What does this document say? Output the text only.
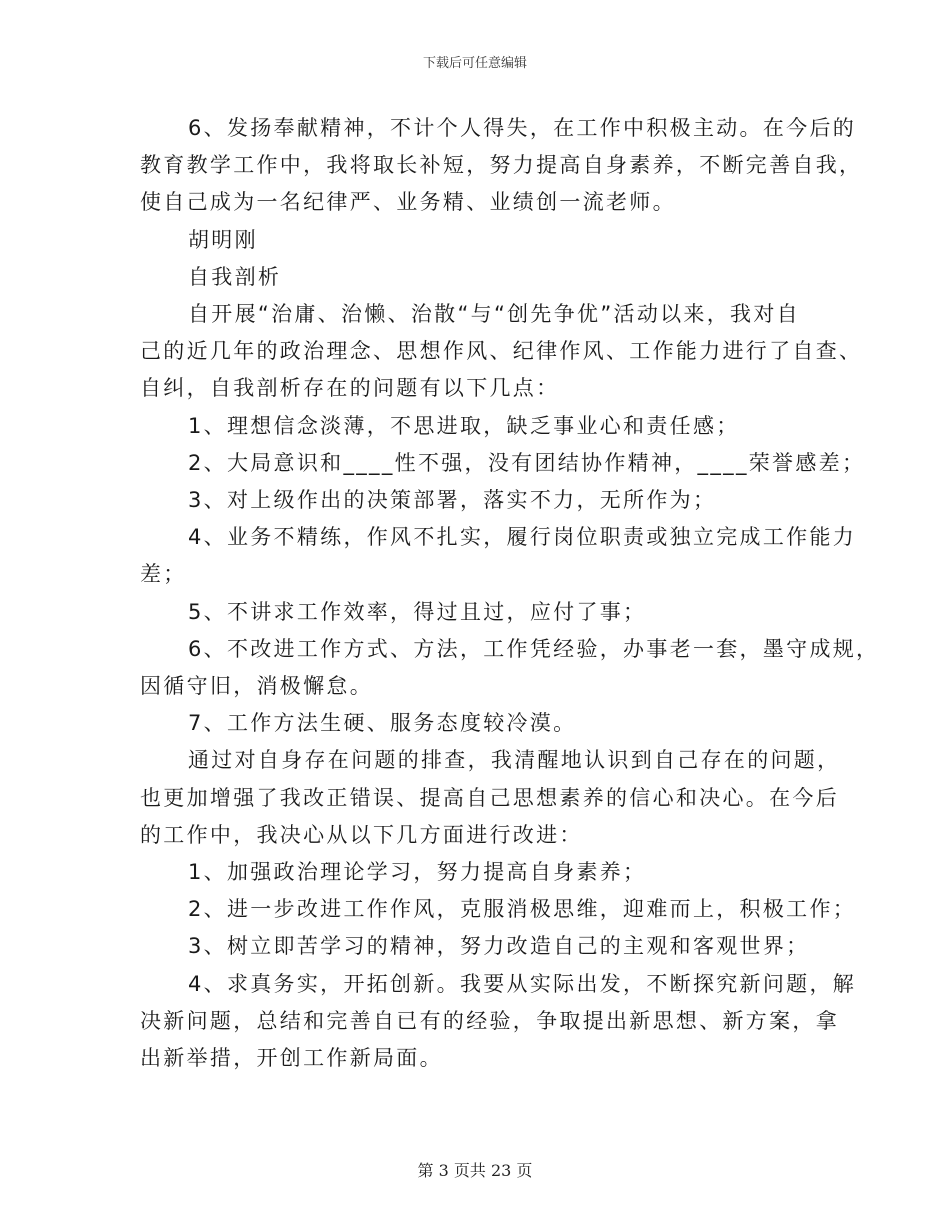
下载后可任意编辑
6、发扬奉献精神，不计个人得失，在工作中积极主动。在今后的
教育教学工作中，我将取长补短，努力提高自身素养，不断完善自我，
使自己成为一名纪律严、业务精、业绩创一流老师。
胡明刚
自我剖析
自开展“治庸、治懒、治散“与“创先争优”活动以来，我对自
己的近几年的政治理念、思想作风、纪律作风、工作能力进行了自查、
自纠，自我剖析存在的问题有以下几点：
1、理想信念淡薄，不思进取，缺乏事业心和责任感；
2、大局意识和____性不强，没有团结协作精神，____荣誉感差；
3、对上级作出的决策部署，落实不力，无所作为；
4、业务不精练，作风不扎实，履行岗位职责或独立完成工作能力
差；
5、不讲求工作效率，得过且过，应付了事；
6、不改进工作方式、方法，工作凭经验，办事老一套，墨守成规，
因循守旧，消极懈怠。
7、工作方法生硬、服务态度较冷漠。
通过对自身存在问题的排查，我清醒地认识到自己存在的问题，
也更加增强了我改正错误、提高自己思想素养的信心和决心。在今后
的工作中，我决心从以下几方面进行改进：
1、加强政治理论学习，努力提高自身素养；
2、进一步改进工作作风，克服消极思维，迎难而上，积极工作；
3、树立即苦学习的精神，努力改造自己的主观和客观世界；
4、求真务实，开拓创新。我要从实际出发，不断探究新问题，解
决新问题，总结和完善自已有的经验，争取提出新思想、新方案，拿
出新举措，开创工作新局面。
第 3 页共 23 页
